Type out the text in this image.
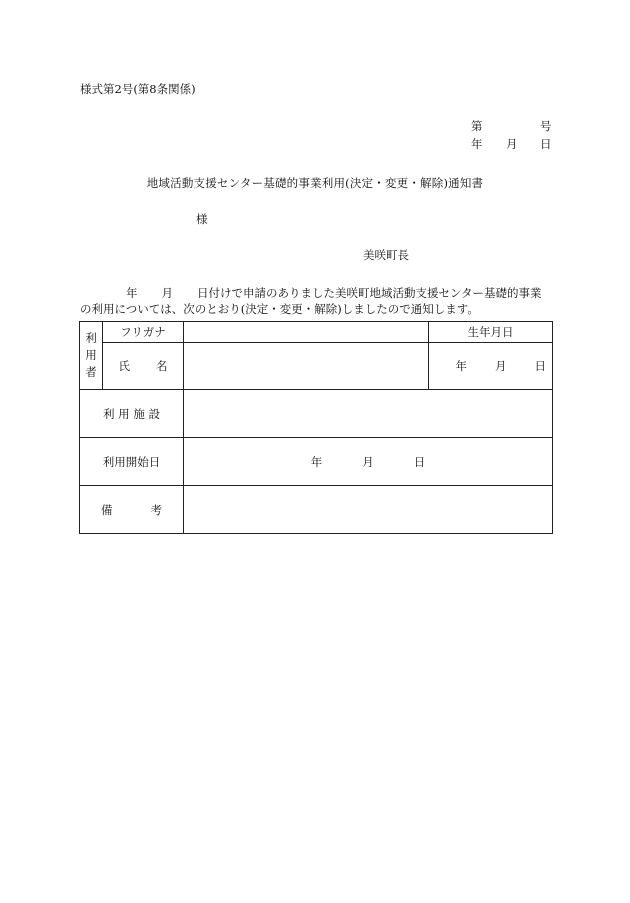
様式第2号(第8条関係)
第	号
年 月 日
地域活動支援センター基礎的事業利用(決定・変更・解除)通知書
様
美咲町長
年 月 日付けで申請のありました美咲町地域活動支援センター基礎的事業
の利用については、次のとおり(決定・変更・解除)しましたので通知します。
利
用
者	フリガナ		生年月日
	氏 名		年 月 日
利 用 施 設			
利用開始日		年 月 日	
備 考			
